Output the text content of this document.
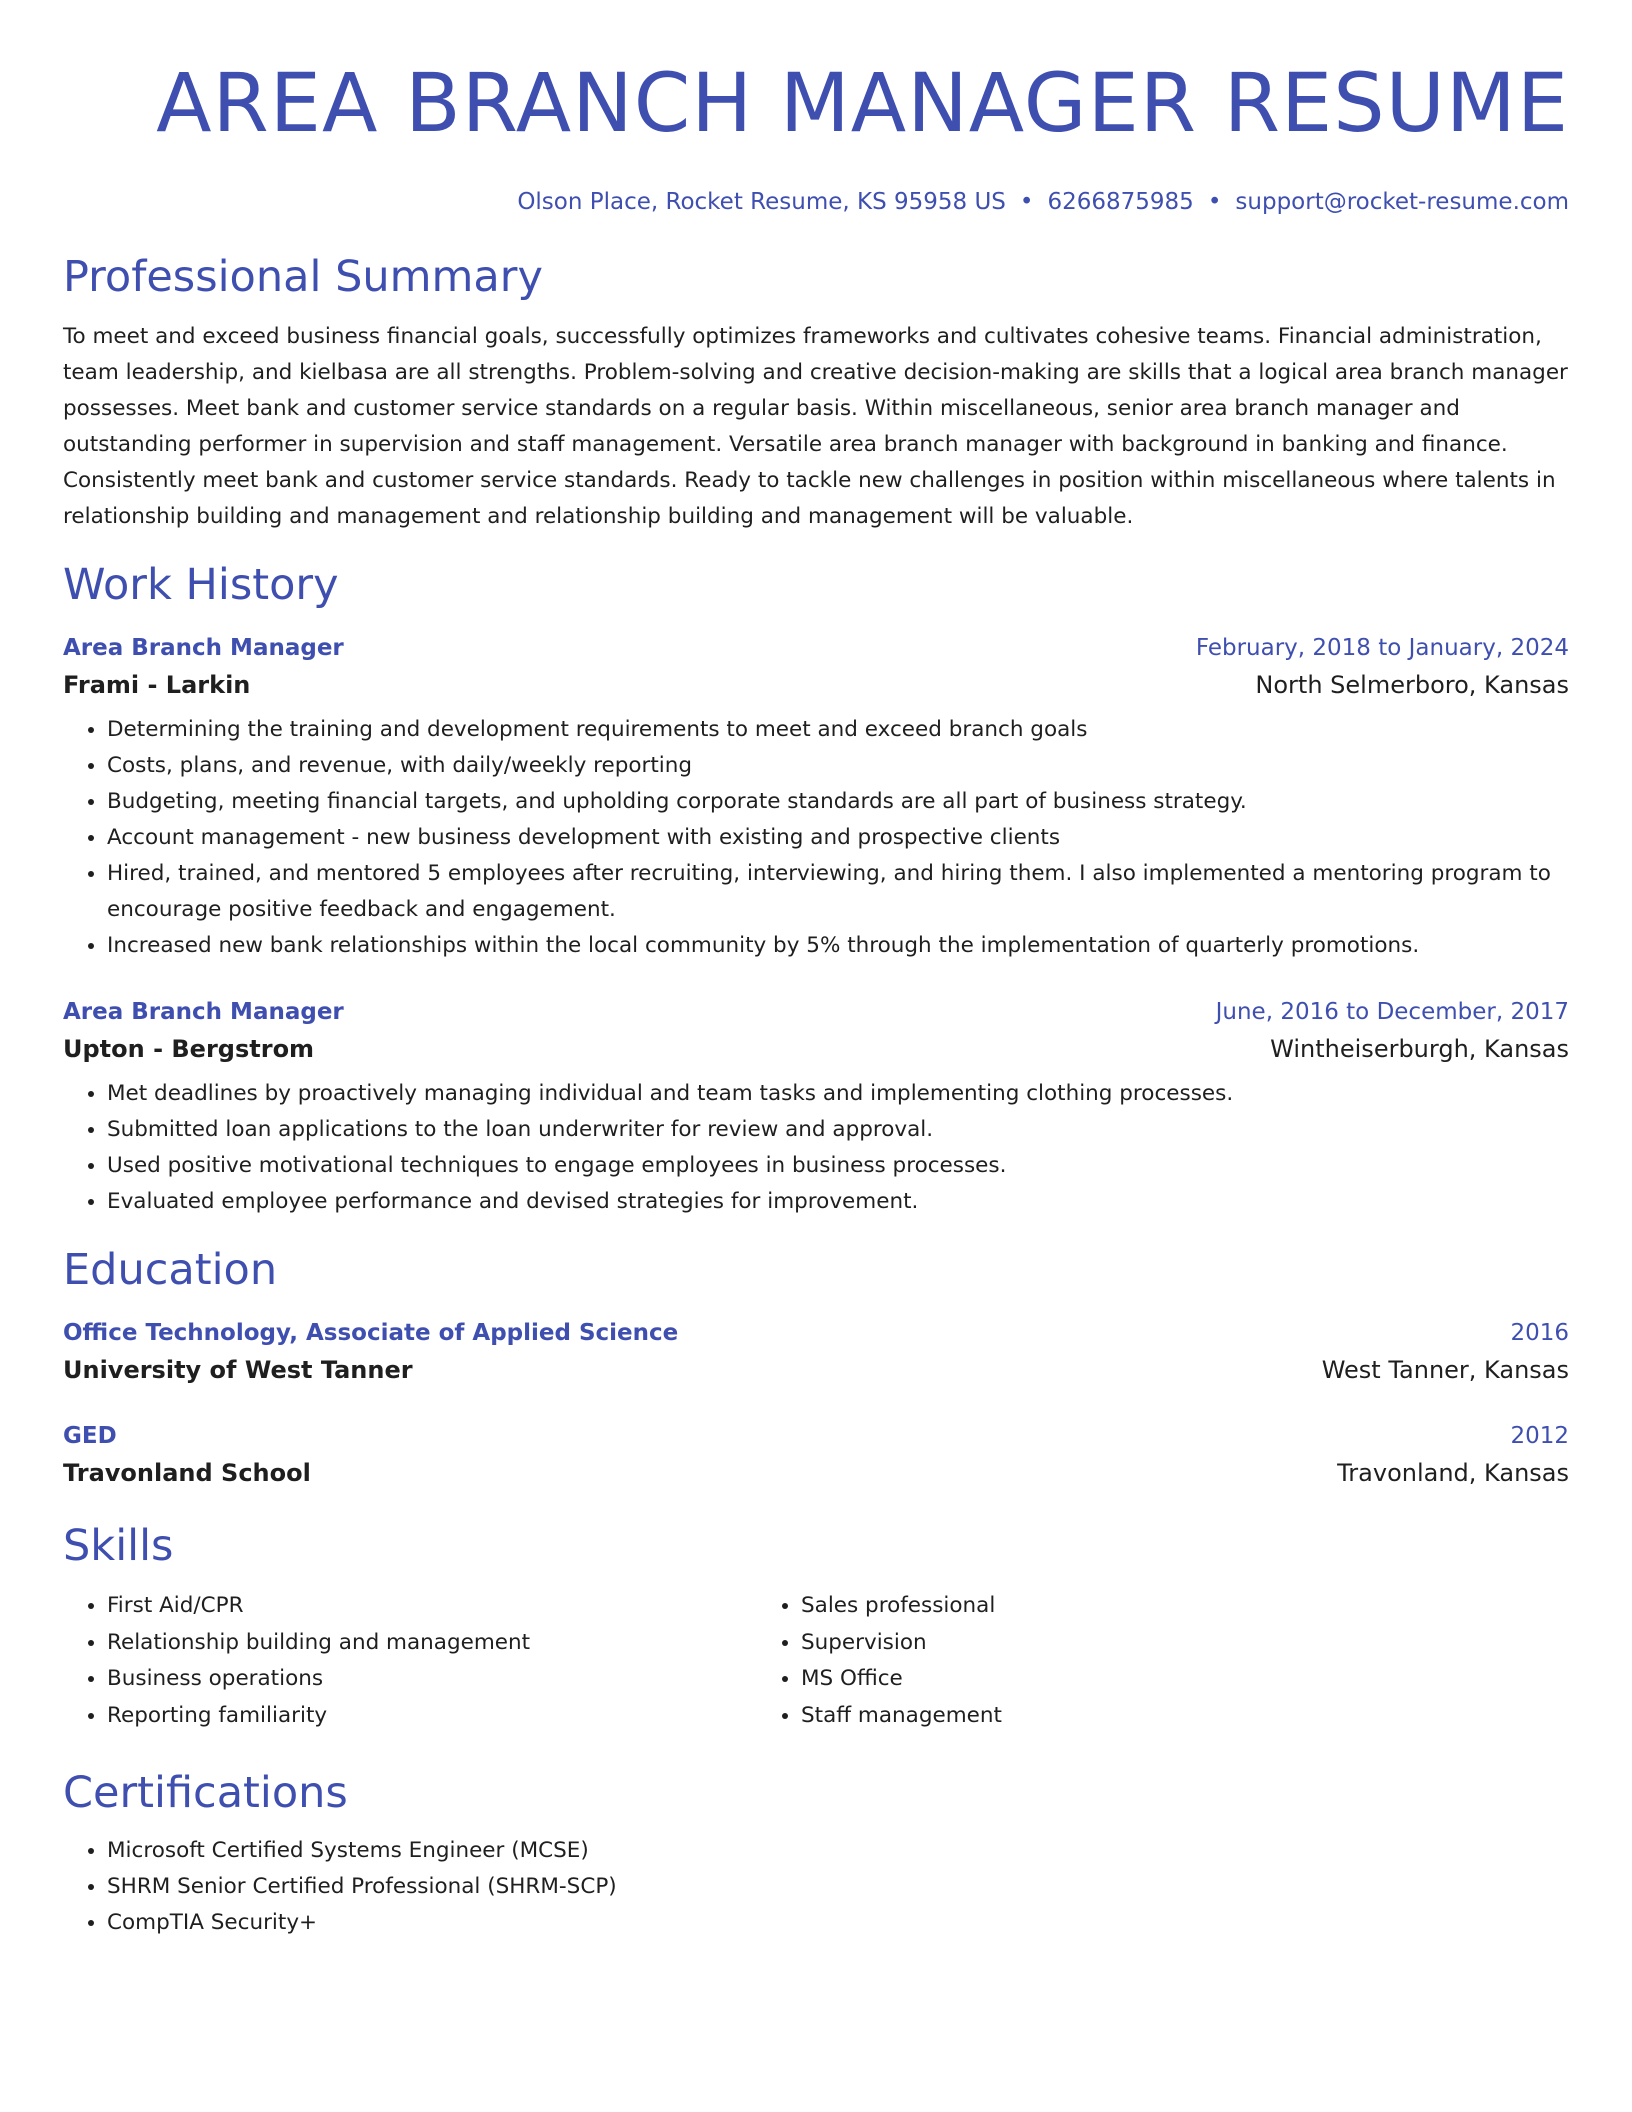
AREA BRANCH MANAGER RESUME
Olson Place, Rocket Resume, KS 95958 US • 6266875985 • support@rocket-resume.com
Professional Summary
To meet and exceed business financial goals, successfully optimizes frameworks and cultivates cohesive teams. Financial administration, team leadership, and kielbasa are all strengths. Problem-solving and creative decision-making are skills that a logical area branch manager possesses. Meet bank and customer service standards on a regular basis. Within miscellaneous, senior area branch manager and outstanding performer in supervision and staff management. Versatile area branch manager with background in banking and finance. Consistently meet bank and customer service standards. Ready to tackle new challenges in position within miscellaneous where talents in relationship building and management and relationship building and management will be valuable.
Work History
Area Branch Manager	February, 2018 to January, 2024
Frami - Larkin	North Selmerboro, Kansas
• Determining the training and development requirements to meet and exceed branch goals
• Costs, plans, and revenue, with daily/weekly reporting
• Budgeting, meeting financial targets, and upholding corporate standards are all part of business strategy.
• Account management - new business development with existing and prospective clients
• Hired, trained, and mentored 5 employees after recruiting, interviewing, and hiring them. I also implemented a mentoring program to encourage positive feedback and engagement.
• Increased new bank relationships within the local community by 5% through the implementation of quarterly promotions.
Area Branch Manager	June, 2016 to December, 2017
Upton - Bergstrom	Wintheiserburgh, Kansas
• Met deadlines by proactively managing individual and team tasks and implementing clothing processes.
• Submitted loan applications to the loan underwriter for review and approval.
• Used positive motivational techniques to engage employees in business processes.
• Evaluated employee performance and devised strategies for improvement.
Education
Office Technology, Associate of Applied Science	2016
University of West Tanner	West Tanner, Kansas
GED	2012
Travonland School	Travonland, Kansas
Skills
• First Aid/CPR
• Relationship building and management
• Business operations
• Reporting familiarity
• Sales professional
• Supervision
• MS Office
• Staff management
Certifications
• Microsoft Certified Systems Engineer (MCSE)
• SHRM Senior Certified Professional (SHRM-SCP)
• CompTIA Security+
